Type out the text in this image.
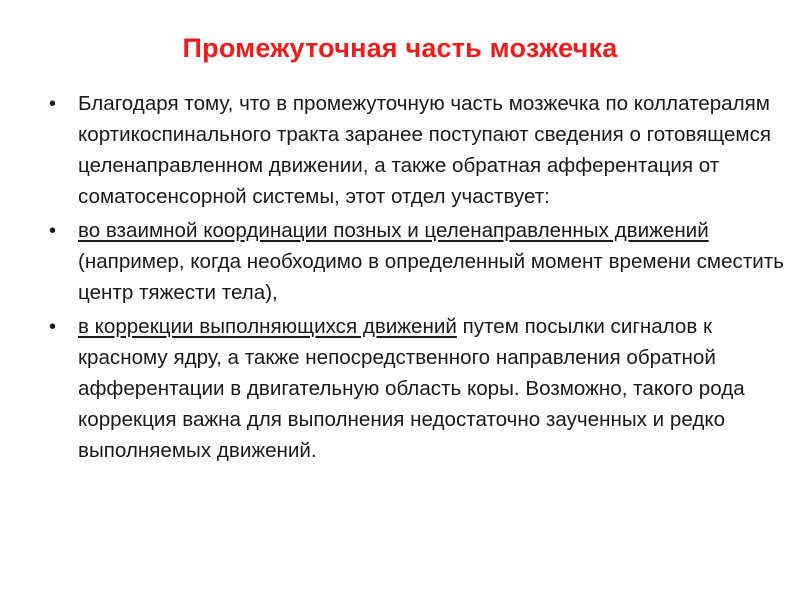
Промежуточная часть мозжечка
• Благодаря тому, что в промежуточную часть мозжечка по коллатералям кортикоспинального тракта заранее поступают сведения о готовящемся целенаправленном движении, а также обратная афферентация от соматосенсорной системы, этот отдел участвует:
• во взаимной координации позных и целенаправленных движений (например, когда необходимо в определенный момент времени сместить центр тяжести тела),
• в коррекции выполняющихся движений путем посылки сигналов к красному ядру, а также непосредственного направления обратной афферентации в двигательную область коры. Возможно, такого рода коррекция важна для выполнения недостаточно заученных и редко выполняемых движений.
